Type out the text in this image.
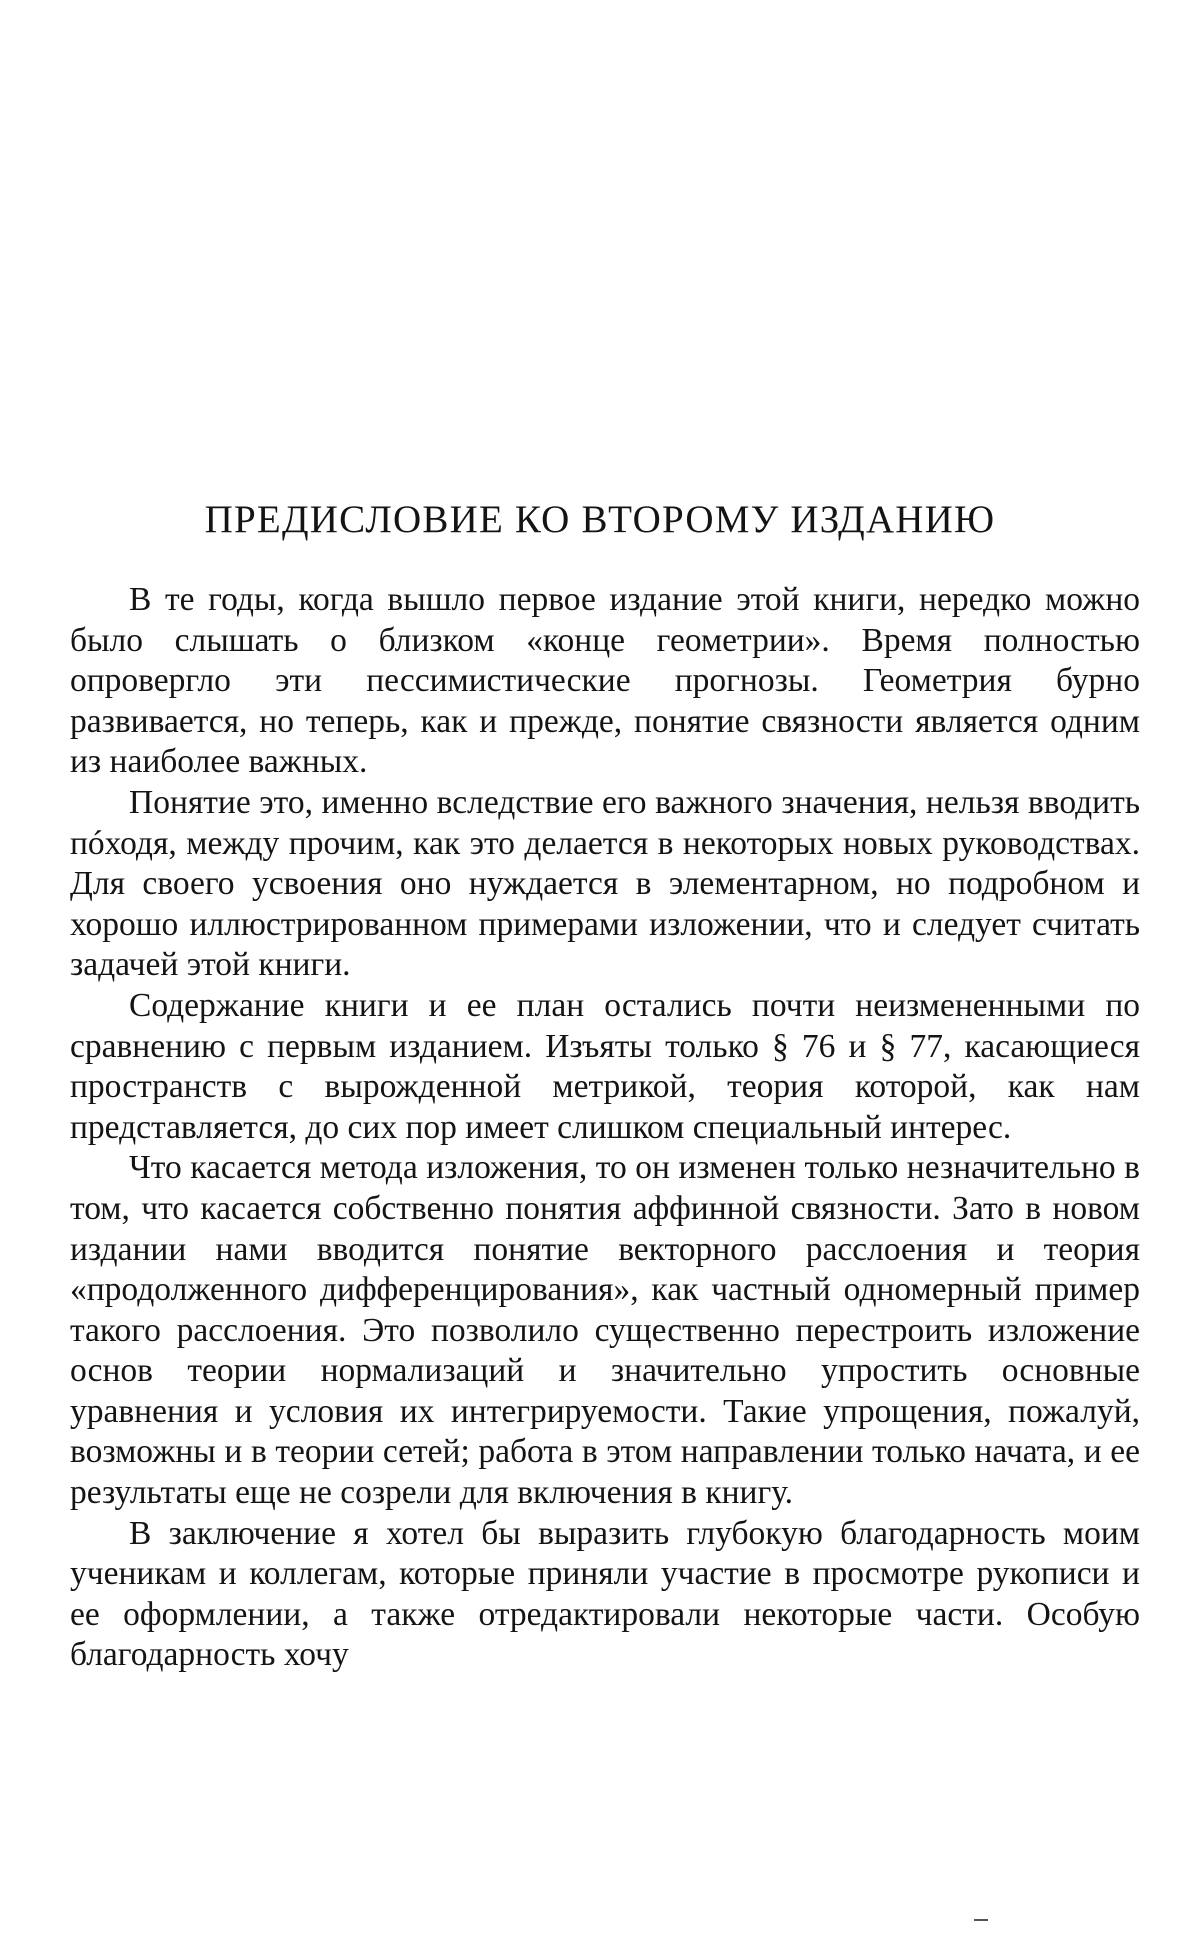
ПРЕДИСЛОВИЕ КО ВТОРОМУ ИЗДАНИЮ

В те годы, когда вышло первое издание этой книги, нередко можно было слышать о близком «конце геометрии». Время полностью опровергло эти пессимистические прогнозы. Геометрия бурно развивается, но теперь, как и прежде, понятие связности является одним из наиболее важных.

Понятие это, именно вследствие его важного значения, нельзя вводить пóходя, между прочим, как это делается в некоторых новых руководствах. Для своего усвоения оно нуждается в элементарном, но подробном и хорошо иллюстрированном примерами изложении, что и следует считать задачей этой книги.

Содержание книги и ее план остались почти неизмененными по сравнению с первым изданием. Изъяты только § 76 и § 77, касающиеся пространств с вырожденной метрикой, теория которой, как нам представляется, до сих пор имеет слишком специальный интерес.

Что касается метода изложения, то он изменен только незначительно в том, что касается собственно понятия аффинной связности. Зато в новом издании нами вводится понятие векторного расслоения и теория «продолженного дифференцирования», как частный одномерный пример такого расслоения. Это позволило существенно перестроить изложение основ теории нормализаций и значительно упростить основные уравнения и условия их интегрируемости. Такие упрощения, пожалуй, возможны и в теории сетей; работа в этом направлении только начата, и ее результаты еще не созрели для включения в книгу.

В заключение я хотел бы выразить глубокую благодарность моим ученикам и коллегам, которые приняли участие в просмотре рукописи и ее оформлении, а также отредактировали некоторые части. Особую благодарность хочу
